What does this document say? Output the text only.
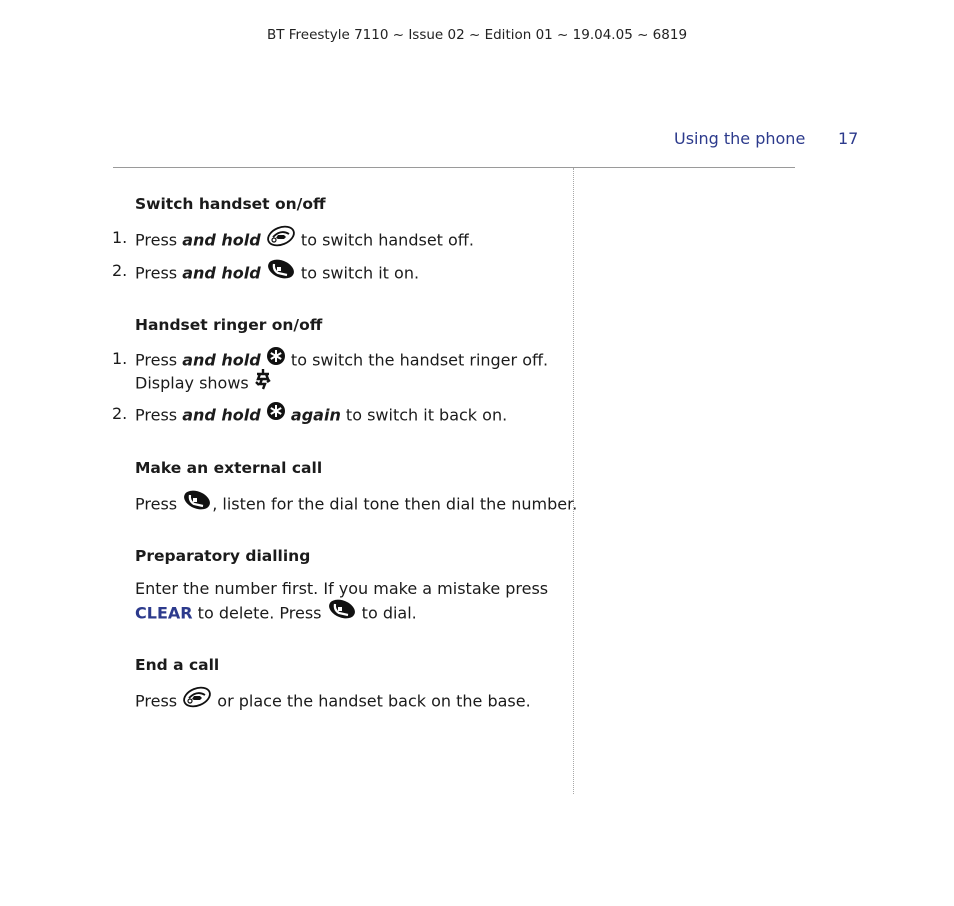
BT Freestyle 7110 ~ Issue 02 ~ Edition 01 ~ 19.04.05 ~ 6819
Using the phone 17
Switch handset on/off
1. Press and hold	to switch handset off.
2. Press and hold	to switch it on.
Handset ringer on/off
1. Press and hold  to switch the handset ringer off.
Display shows
2. Press and hold again to switch it back on.
Make an external call
Press , listen for the dial tone then dial the number.
Preparatory dialling
Enter the number first. If you make a mistake press
CLEAR to delete. Press  to dial.
End a call
Press  or place the handset back on the base.
